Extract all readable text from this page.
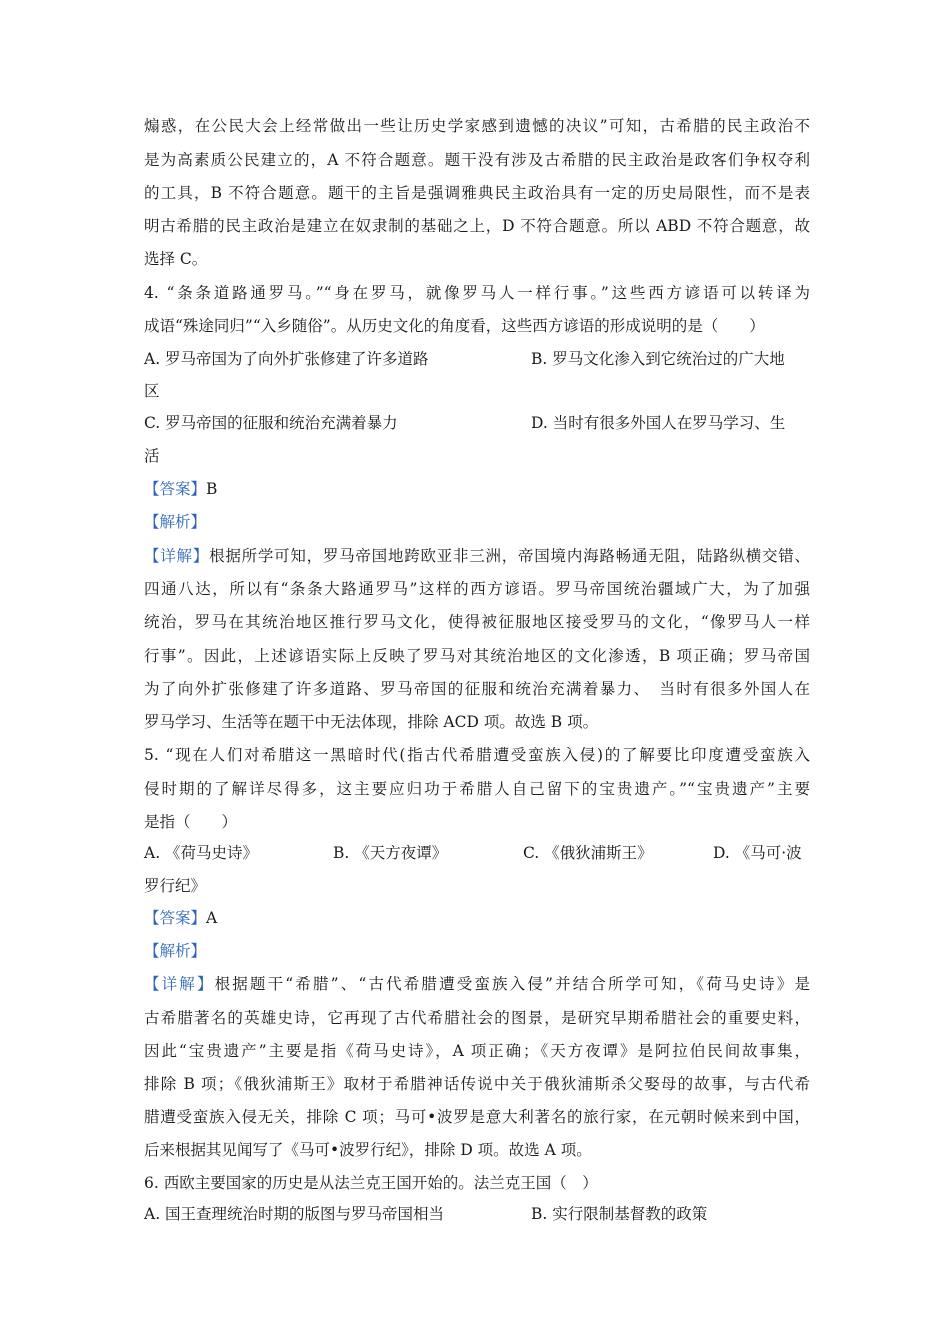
煽惑，在公民大会上经常做出一些让历史学家感到遗憾的决议”可知，古希腊的民主政治不
是为高素质公民建立的，A 不符合题意。题干没有涉及古希腊的民主政治是政客们争权夺利
的工具，B 不符合题意。题干的主旨是强调雅典民主政治具有一定的历史局限性，而不是表
明古希腊的民主政治是建立在奴隶制的基础之上，D 不符合题意。所以 ABD 不符合题意，故
选择 C。
4. “条条道路通罗马。”“身在罗马，就像罗马人一样行事。”这些西方谚语可以转译为
成语“殊途同归”“入乡随俗”。从历史文化的角度看，这些西方谚语的形成说明的是（　　）
A. 罗马帝国为了向外扩张修建了许多道路	B. 罗马文化渗入到它统治过的广大地
区
C. 罗马帝国的征服和统治充满着暴力	D. 当时有很多外国人在罗马学习、生
活
【答案】B
【解析】
【详解】根据所学可知，罗马帝国地跨欧亚非三洲，帝国境内海路畅通无阻，陆路纵横交错、
四通八达，所以有“条条大路通罗马”这样的西方谚语。罗马帝国统治疆域广大，为了加强
统治，罗马在其统治地区推行罗马文化，使得被征服地区接受罗马的文化，“像罗马人一样
行事”。因此，上述谚语实际上反映了罗马对其统治地区的文化渗透，B 项正确；罗马帝国
为了向外扩张修建了许多道路、罗马帝国的征服和统治充满着暴力、　当时有很多外国人在
罗马学习、生活等在题干中无法体现，排除 ACD 项。故选 B 项。
5. “现在人们对希腊这一黑暗时代(指古代希腊遭受蛮族入侵)的了解要比印度遭受蛮族入
侵时期的了解详尽得多，这主要应归功于希腊人自己留下的宝贵遗产。”“宝贵遗产”主要
是指（　　）
A. 《荷马史诗》	B. 《天方夜谭》	C. 《俄狄浦斯王》	D. 《马可·波
罗行纪》
【答案】A
【解析】
【详解】根据题干“希腊”、“古代希腊遭受蛮族入侵”并结合所学可知，《荷马史诗》是
古希腊著名的英雄史诗，它再现了古代希腊社会的图景，是研究早期希腊社会的重要史料，
因此“宝贵遗产”主要是指《荷马史诗》，A 项正确；《天方夜谭》是阿拉伯民间故事集，
排除 B 项；《俄狄浦斯王》取材于希腊神话传说中关于俄狄浦斯杀父娶母的故事，与古代希
腊遭受蛮族入侵无关，排除 C 项；马可•波罗是意大利著名的旅行家，在元朝时候来到中国，
后来根据其见闻写了《马可•波罗行纪》，排除 D 项。故选 A 项。
6. 西欧主要国家的历史是从法兰克王国开始的。法兰克王国（　）
A. 国王查理统治时期的版图与罗马帝国相当	B. 实行限制基督教的政策
